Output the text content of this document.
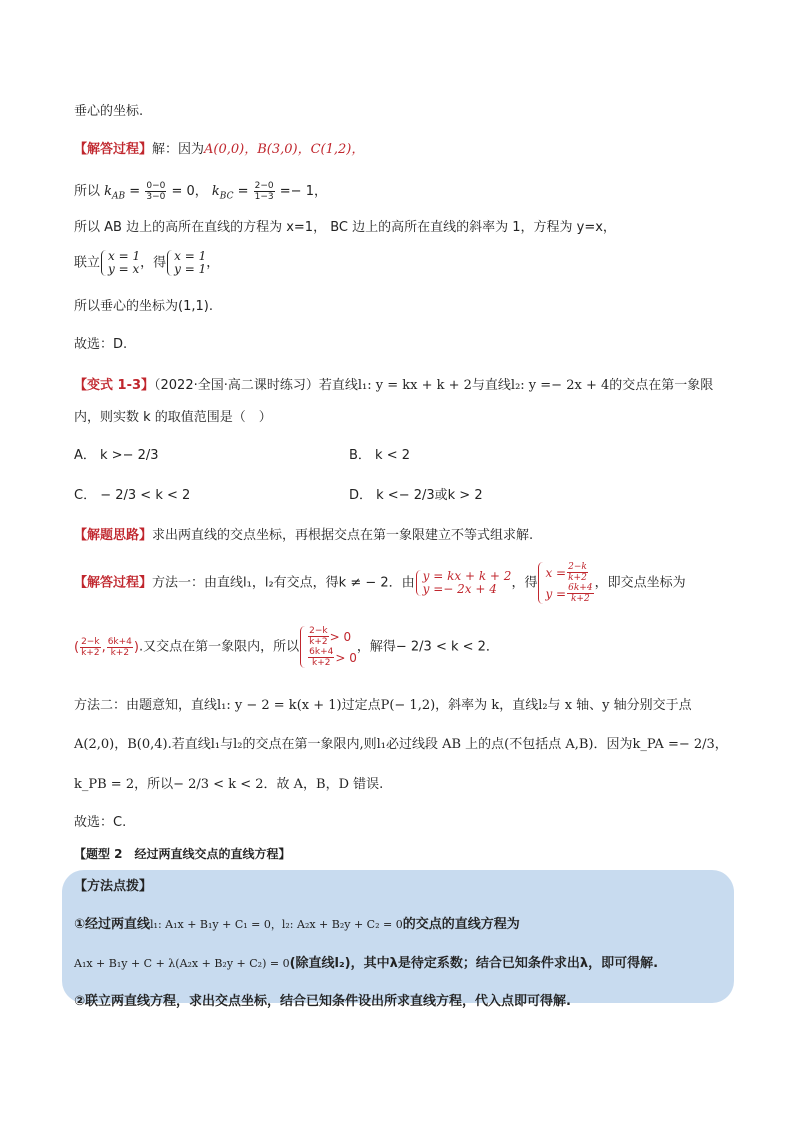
垂心的坐标.
【解答过程】解：因为A(0,0)，B(3,0)，C(1,2)，
所以 $k_{AB} = \frac{0-0}{3-0} = 0$， $k_{BC} = \frac{2-0}{1-3} =- 1$，
所以 AB 边上的高所在直线的方程为 x=1， BC 边上的高所在直线的斜率为 1，方程为 y=x，
联立 x = 1
y = x ，得 x = 1
y = 1 ，
所以垂心的坐标为(1,1).
故选：D.
【变式 1-3】（2022·全国·高二课时练习）若直线l₁: y = kx + k + 2与直线l₂: y =− 2x + 4的交点在第一象限
内，则实数 k 的取值范围是（　）
A． k >− 2/3	B． k < 2
C． − 2/3 < k < 2	D． k <− 2/3或k > 2
【解题思路】求出两直线的交点坐标，再根据交点在第一象限建立不等式组求解.
【解答过程】方法一：由直线l₁，l₂有交点，得k ≠ − 2．由 y = kx + k + 2
y =− 2x + 4	，得
$x = \frac{2-k}{k+2}$
$y = \frac{6k+4}{k+2}$ ，即交点坐标为
( $\frac{2-k}{k+2}$ , $\frac{6k+4}{k+2}$ ).又交点在第一象限内，所以 $\frac{2-k}{k+2} > 0$
$\frac{6k+4}{k+2} > 0$
，解得− 2/3 < k < 2．
方法二：由题意知，直线l₁: y − 2 = k(x + 1)过定点P(− 1,2)，斜率为 k，直线l₂与 x 轴、y 轴分别交于点
A(2,0)，B(0,4).若直线l₁与l₂的交点在第一象限内,则l₁必过线段 AB 上的点(不包括点 A,B)．因为k_PA =− 2/3，
k_PB = 2，所以− 2/3 < k < 2．故 A，B，D 错误.
故选：C.
【题型 2　经过两直线交点的直线方程】
【方法点拨】
①经过两直线l₁: A₁x + B₁y + C₁ = 0，l₂: A₂x + B₂y + C₂ = 0的交点的直线方程为
A₁x + B₁y + C + λ(A₂x + B₂y + C₂) = 0(除直线l₂)，其中λ是待定系数；结合已知条件求出λ，即可得解.
②联立两直线方程，求出交点坐标，结合已知条件设出所求直线方程，代入点即可得解.
